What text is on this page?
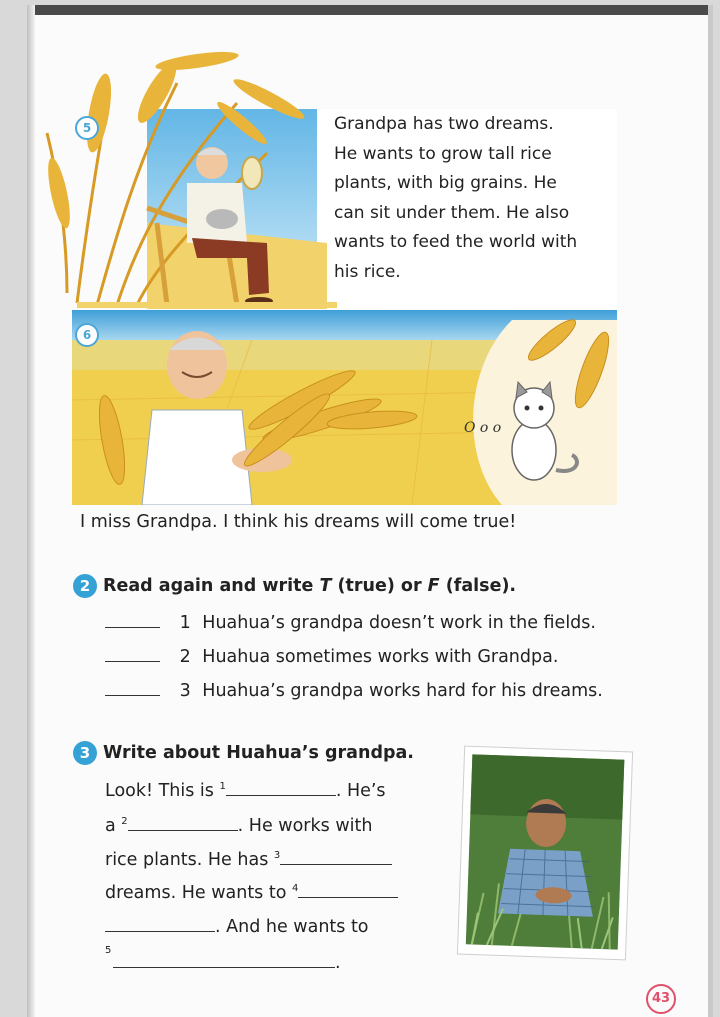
5	Grandpa has two dreams.
He wants to grow tall rice
plants, with big grains. He
can sit under them. He also
wants to feed the world with
his rice.
O o o
6
I miss Grandpa. I think his dreams will come true!
2 Read again and write T (true) or F (false).
1 Huahua’s grandpa doesn’t work in the fields.
2 Huahua sometimes works with Grandpa.
3 Huahua’s grandpa works hard for his dreams.
3 Write about Huahua’s grandpa.
Look! This is $^1$	. He’s
a $^2$	. He works with
rice plants. He has $^3$
dreams. He wants to $^4$
. And he wants to
$^5$
.
43
